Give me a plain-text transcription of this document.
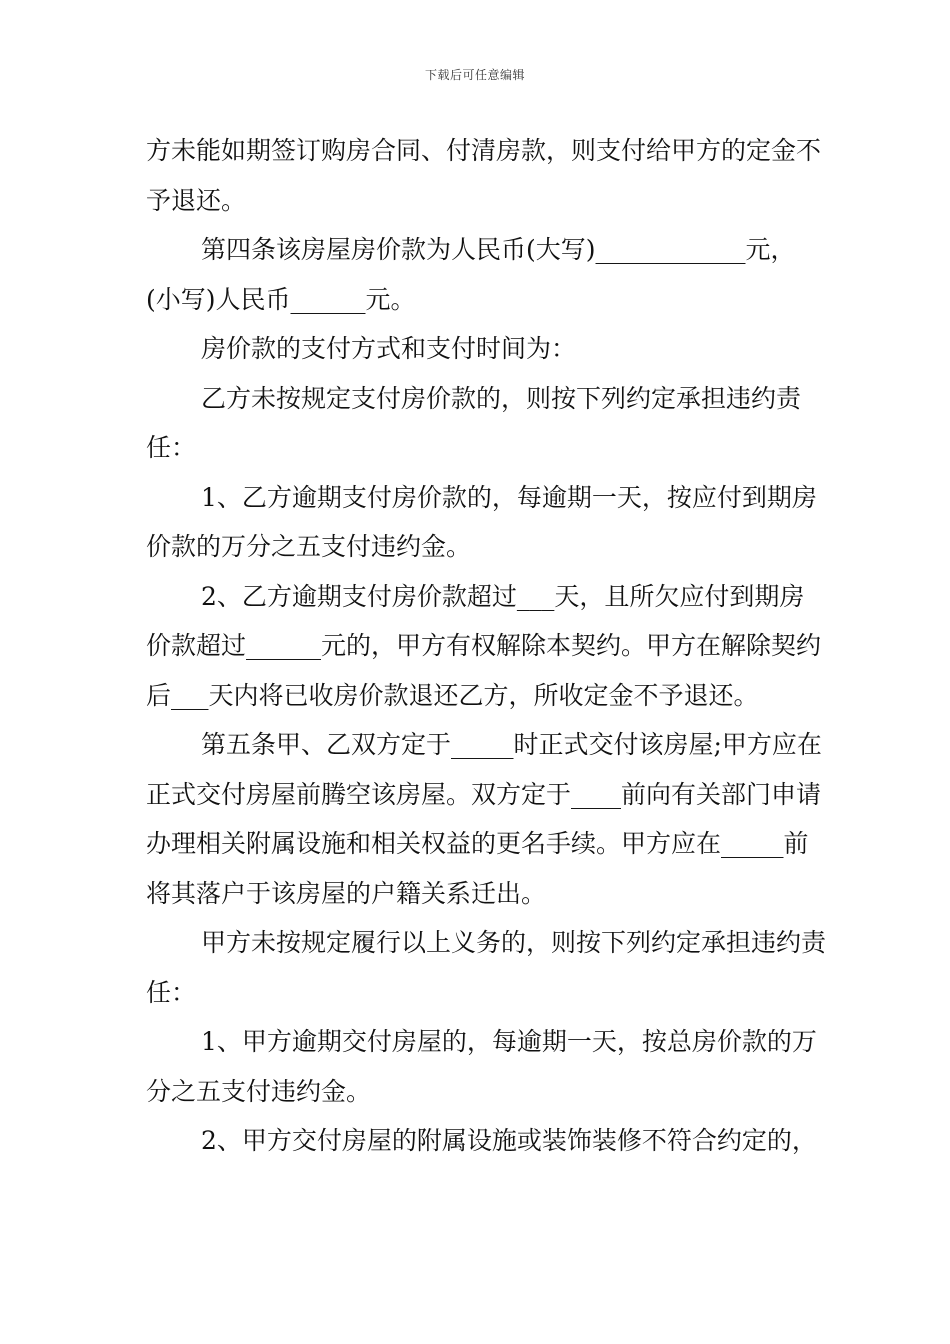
下载后可任意编辑

方未能如期签订购房合同、付清房款，则支付给甲方的定金不予退还。

第四条该房屋房价款为人民币(大写)____________元，(小写)人民币______元。

房价款的支付方式和支付时间为：

乙方未按规定支付房价款的，则按下列约定承担违约责任：

1、乙方逾期支付房价款的，每逾期一天，按应付到期房价款的万分之五支付违约金。

2、乙方逾期支付房价款超过___天，且所欠应付到期房价款超过______元的，甲方有权解除本契约。甲方在解除契约后___天内将已收房价款退还乙方，所收定金不予退还。

第五条甲、乙双方定于_____时正式交付该房屋;甲方应在正式交付房屋前腾空该房屋。双方定于____前向有关部门申请办理相关附属设施和相关权益的更名手续。甲方应在_____前将其落户于该房屋的户籍关系迁出。

甲方未按规定履行以上义务的，则按下列约定承担违约责任：

1、甲方逾期交付房屋的，每逾期一天，按总房价款的万分之五支付违约金。

2、甲方交付房屋的附属设施或装饰装修不符合约定的，
